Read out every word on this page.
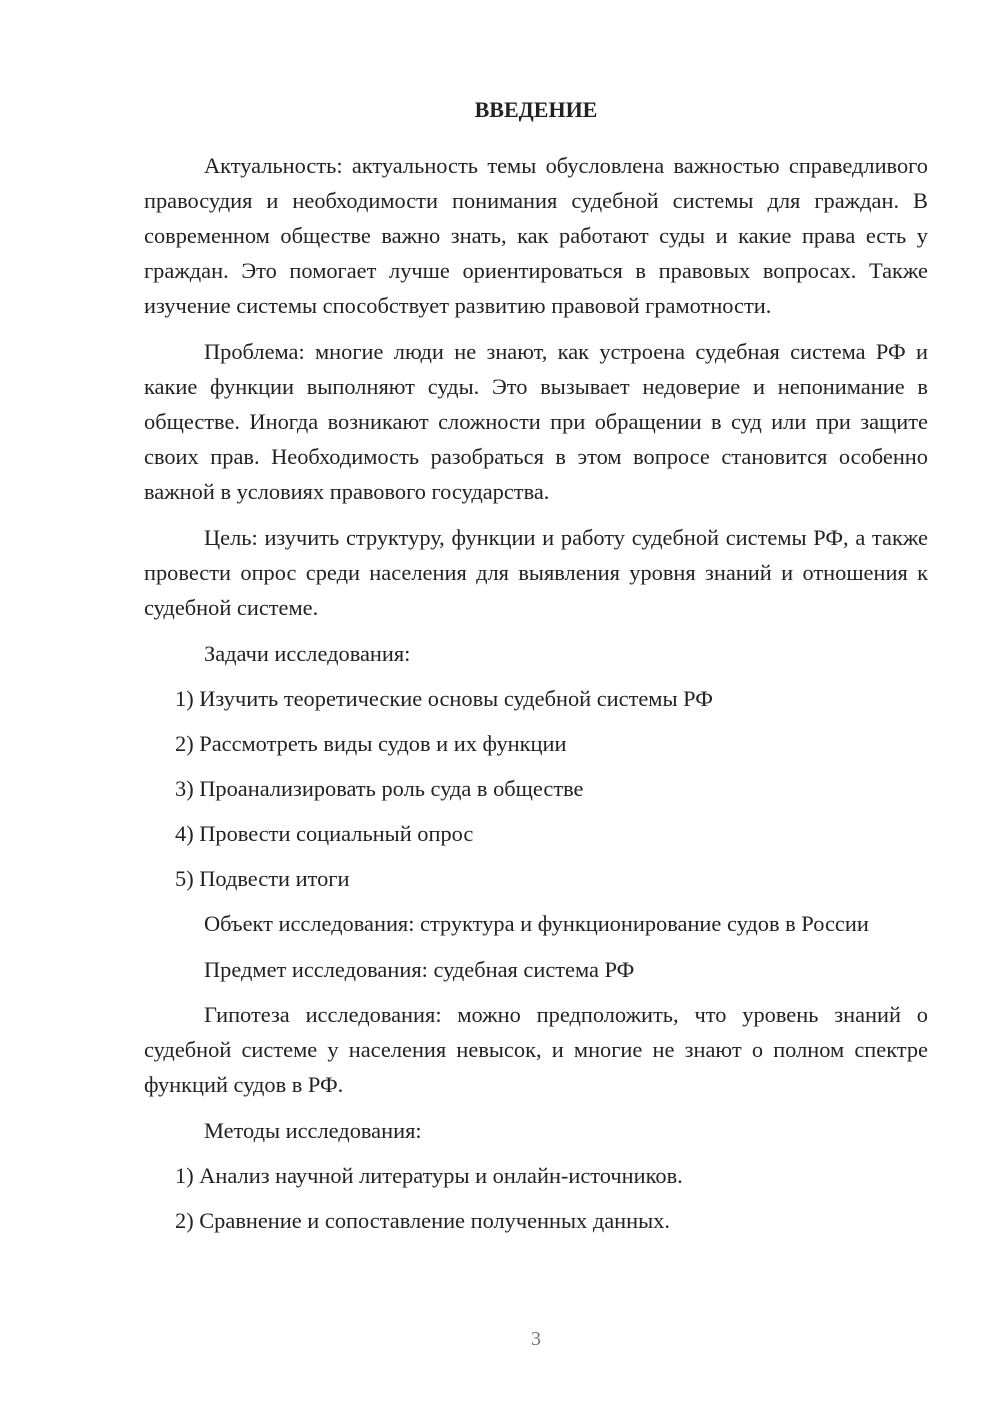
ВВЕДЕНИЕ

Актуальность: актуальность темы обусловлена важностью справедливого правосудия и необходимости понимания судебной системы для граждан. В современном обществе важно знать, как работают суды и какие права есть у граждан. Это помогает лучше ориентироваться в правовых вопросах. Также изучение системы способствует развитию правовой грамотности.

Проблема: многие люди не знают, как устроена судебная система РФ и какие функции выполняют суды. Это вызывает недоверие и непонимание в обществе. Иногда возникают сложности при обращении в суд или при защите своих прав. Необходимость разобраться в этом вопросе становится особенно важной в условиях правового государства.

Цель: изучить структуру, функции и работу судебной системы РФ, а также провести опрос среди населения для выявления уровня знаний и отношения к судебной системе.

Задачи исследования:

1) Изучить теоретические основы судебной системы РФ
2) Рассмотреть виды судов и их функции
3) Проанализировать роль суда в обществе
4) Провести социальный опрос
5) Подвести итоги

Объект исследования: структура и функционирование судов в России

Предмет исследования: судебная система РФ

Гипотеза исследования: можно предположить, что уровень знаний о судебной системе у населения невысок, и многие не знают о полном спектре функций судов в РФ.

Методы исследования:

1) Анализ научной литературы и онлайн-источников.
2) Сравнение и сопоставление полученных данных.
3
